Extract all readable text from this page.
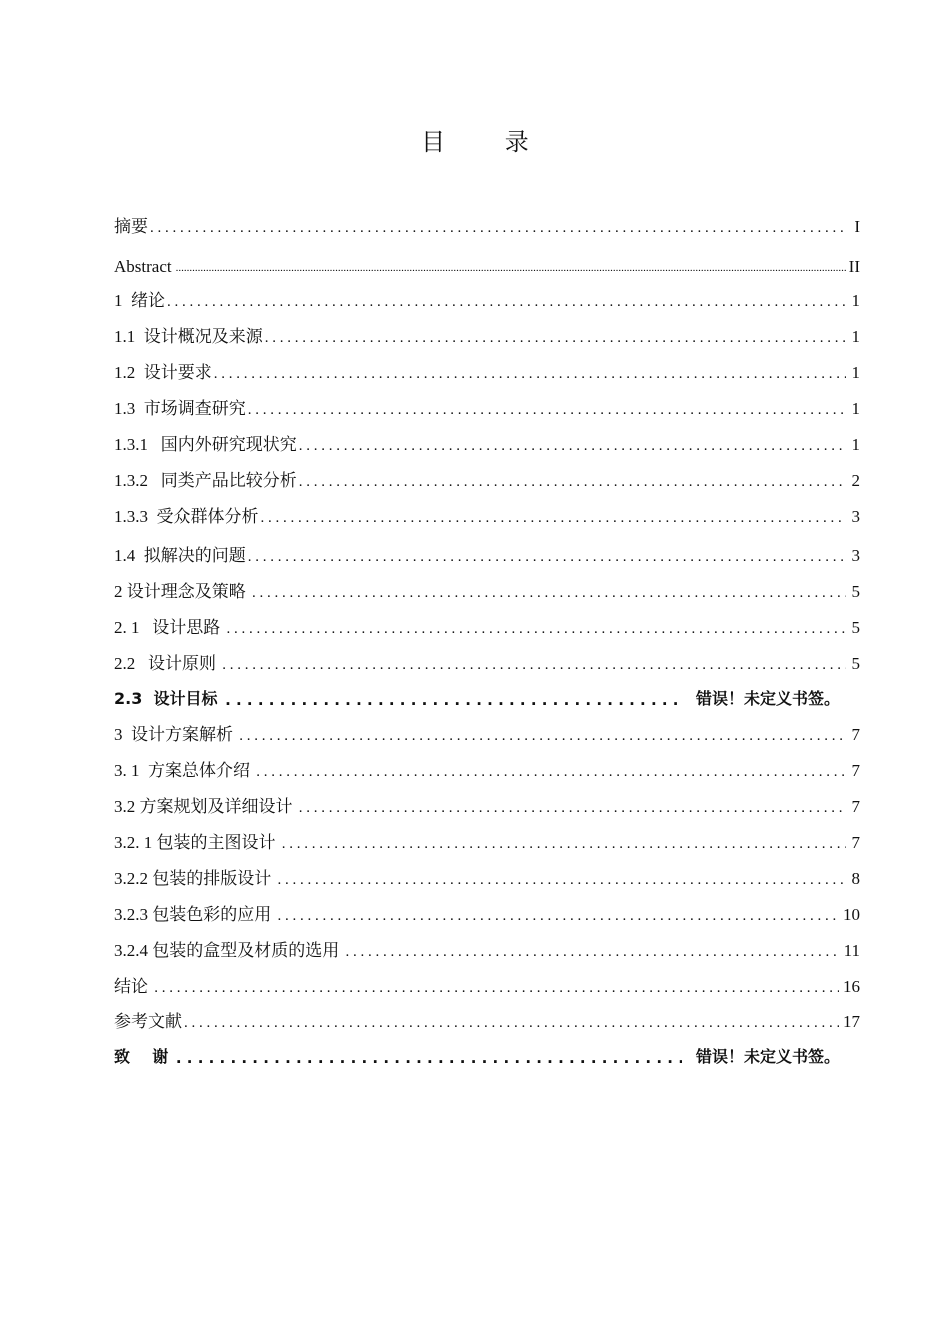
目 录
摘要 . . .	I
Abstract .....	II
1  绪论 . . .	1
1.1  设计概况及来源 . . .	1
1.2  设计要求 . . .	1
1.3  市场调查研究 . . .	1
1.3.1   国内外研究现状究 . . .	1
1.3.2   同类产品比较分析 . . .	2
1.3.3  受众群体分析 . . .	3
1.4  拟解决的问题 . . .	3
2 设计理念及策略 . . .	5
2. 1   设计思路 . . .	5
2.2   设计原则 . . .	5
2.3  设计目标 . . .	错误！未定义书签。
3  设计方案解析 . . .	7
3. 1  方案总体介绍 . . .	7
3.2 方案规划及详细设计 . . .	7
3.2. 1 包装的主图设计 . . .	7
3.2.2 包装的排版设计 . . .	8
3.2.3 包装色彩的应用 . . .	10
3.2.4 包装的盒型及材质的选用 . . .	11
结论 . . .	16
参考文献 . . .	17
致    谢 . . .	错误！未定义书签。
